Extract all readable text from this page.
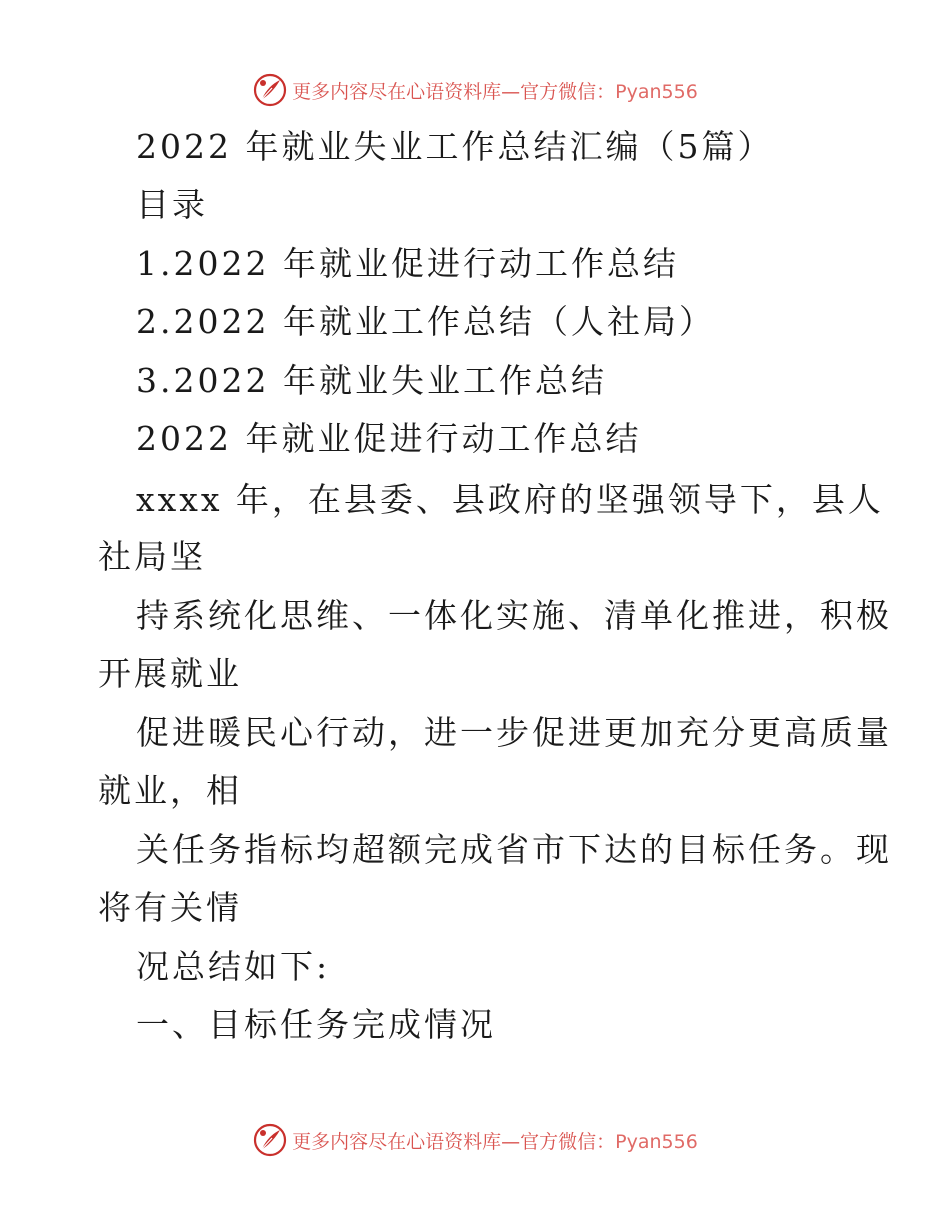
更多内容尽在心语资料库—官方微信：Pyan556
2022 年就业失业工作总结汇编（5篇）
目录
1.2022 年就业促进行动工作总结
2.2022 年就业工作总结（人社局）
3.2022 年就业失业工作总结
2022 年就业促进行动工作总结
xxxx 年，在县委、县政府的坚强领导下，县人
社局坚
持系统化思维、一体化实施、清单化推进，积极
开展就业
促进暖民心行动，进一步促进更加充分更高质量
就业，相
关任务指标均超额完成省市下达的目标任务。现
将有关情
况总结如下:
一、目标任务完成情况
更多内容尽在心语资料库—官方微信：Pyan556
